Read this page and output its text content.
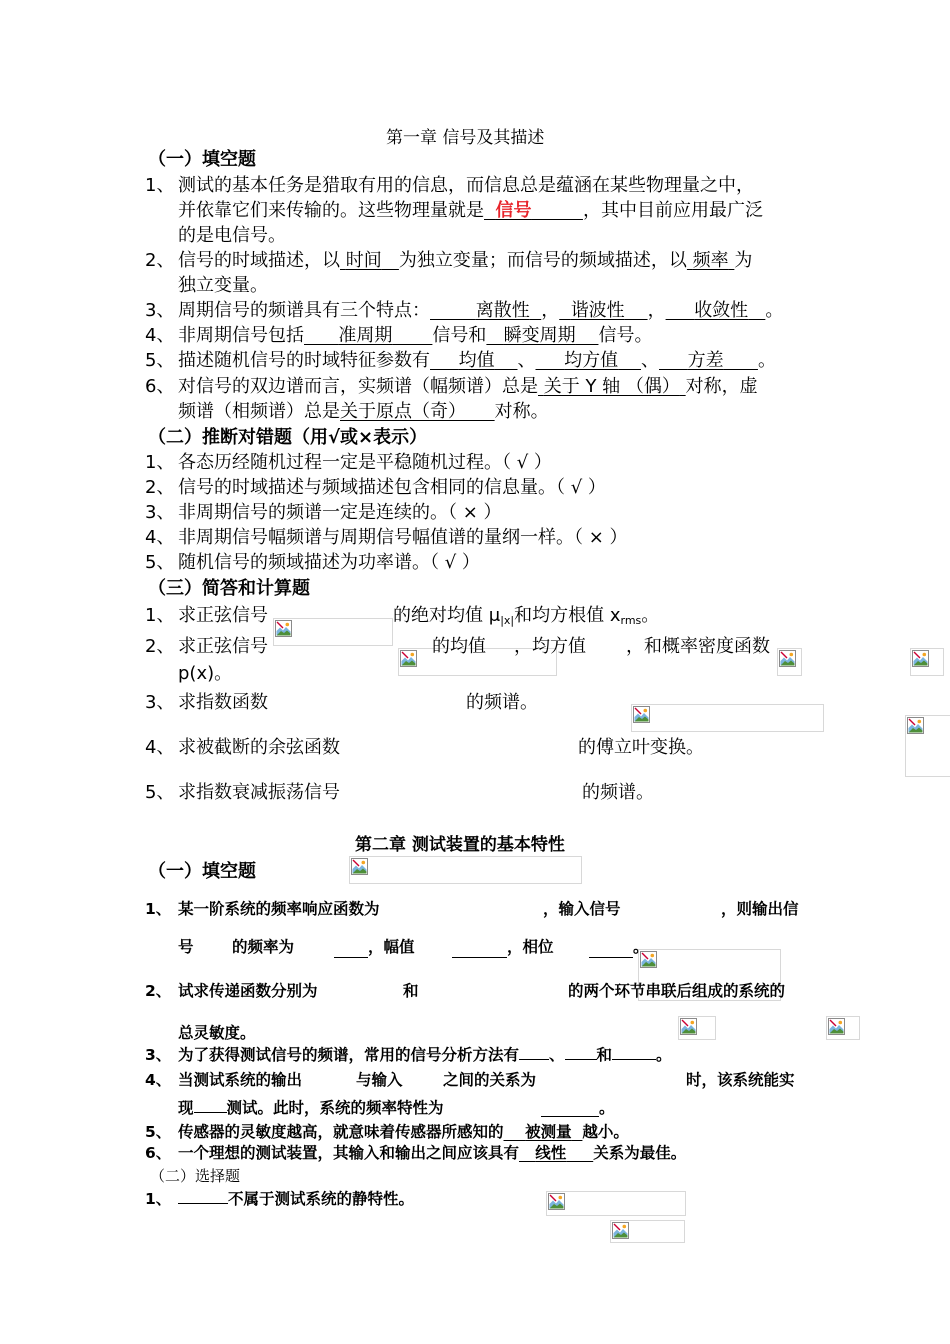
第一章 信号及其描述
（一）填空题
1、 测试的基本任务是猎取有用的信息，而信息总是蕴涵在某些物理量之中，
并依靠它们来传输的。这些物理量就是 信号	，其中目前应用最广泛
的是电信号。
2、 信号的时域描述，以 时间 为独立变量；而信号的频域描述，以 频率 为
独立变量。
3、 周期信号的频谱具有三个特点：	离散性 ， 谐波性 ， 收敛性 。
4、 非周期信号包括 准周期 信号和 瞬变周期 信号。
5、 描述随机信号的时域特征参数有 均值 、 均方值 、 方差 。
6、 对信号的双边谱而言，实频谱（幅频谱）总是 关于 Y 轴 （偶） 对称，虚
频谱（相频谱）总是关于原点（奇） 对称。
（二）推断对错题（用√或×表示）
1、 各态历经随机过程一定是平稳随机过程。（ √ ）
2、 信号的时域描述与频域描述包含相同的信息量。（ √ ）
3、 非周期信号的频谱一定是连续的。（ × ）
4、 非周期信号幅频谱与周期信号幅值谱的量纲一样。（ × ）
5、 随机信号的频域描述为功率谱。（ √ ）
（三）简答和计算题
1、 求正弦信号
	的绝对均值 $\mu_{|x|}$和均方根值 $x_{rms}$。
2、 求正弦信号
	的均值
，均方值
，和概率密度函数
p(x)。
3、 求指数函数
	的频谱。
4、 求被截断的余弦函数
	的傅立叶变换。
5、 求指数衰减振荡信号
	的频谱。
第二章 测试装置的基本特性
（一）填空题
1、 某一阶系统的频率响应函数为
	，输入信号
	，则输出信
号
的频率为
	，幅值
	，相位
	。
2、 试求传递函数分别为
	和
	的两个环节串联后组成的系统的
总灵敏度。
3、 为了获得测试信号的频谱，常用的信号分析方法有 、 和	。
4、 当测试系统的输出
	与输入
	之间的关系为
	时，该系统能实
现 测试。此时，系统的频率特性为	。
5、 传感器的灵敏度越高，就意味着传感器所感知的 被测量 越小。
6、 一个理想的测试装置，其输入和输出之间应该具有 线性 关系为最佳。
（二）选择题
1、	不属于测试系统的静特性。
